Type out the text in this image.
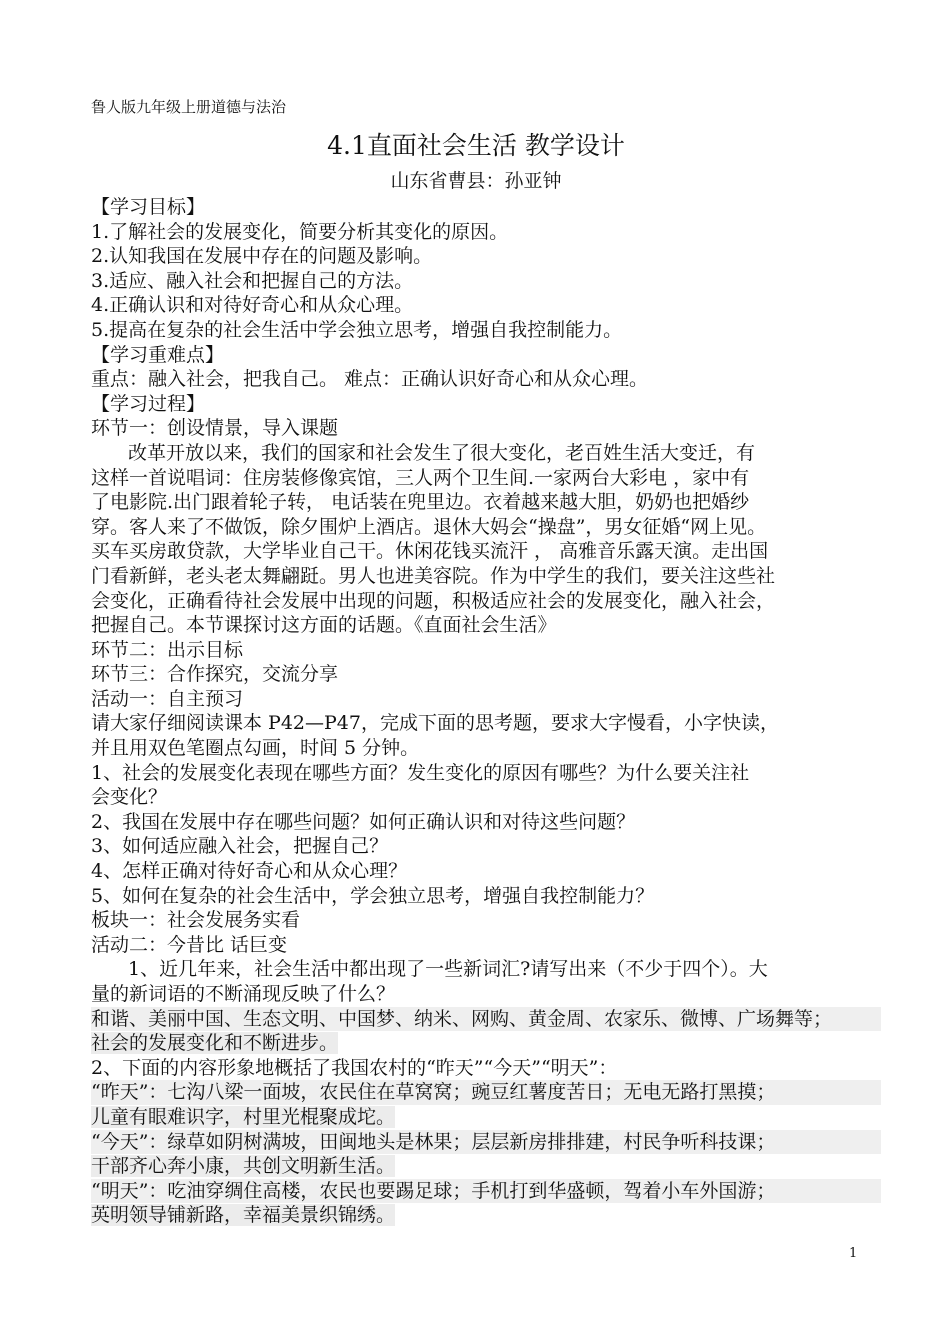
鲁人版九年级上册道德与法治
4.1直面社会生活 教学设计
山东省曹县：孙亚钟
【学习目标】
1.了解社会的发展变化，简要分析其变化的原因。
2.认知我国在发展中存在的问题及影响。
3.适应、融入社会和把握自己的方法。
4.正确认识和对待好奇心和从众心理。
5.提高在复杂的社会生活中学会独立思考，增强自我控制能力。
【学习重难点】
重点：融入社会，把我自己。 难点：正确认识好奇心和从众心理。
【学习过程】
环节一：创设情景，导入课题
改革开放以来，我们的国家和社会发生了很大变化，老百姓生活大变迁，有
这样一首说唱词：住房装修像宾馆，三人两个卫生间.一家两台大彩电 ，家中有
了电影院.出门跟着轮子转， 电话装在兜里边。衣着越来越大胆，奶奶也把婚纱
穿。客人来了不做饭，除夕围炉上酒店。退休大妈会“操盘”，男女征婚“网上见。
买车买房敢贷款，大学毕业自己干。休闲花钱买流汗 ， 高雅音乐露天演。走出国
门看新鲜，老头老太舞翩跹。男人也进美容院。作为中学生的我们，要关注这些社
会变化，正确看待社会发展中出现的问题，积极适应社会的发展变化，融入社会，
把握自己。本节课探讨这方面的话题。《直面社会生活》
环节二：出示目标
环节三：合作探究，交流分享
活动一：自主预习
请大家仔细阅读课本 P42—P47，完成下面的思考题，要求大字慢看，小字快读，
并且用双色笔圈点勾画，时间 5 分钟。
1、社会的发展变化表现在哪些方面？发生变化的原因有哪些？为什么要关注社
会变化？
2、我国在发展中存在哪些问题？如何正确认识和对待这些问题？
3、如何适应融入社会，把握自己？
4、怎样正确对待好奇心和从众心理？
5、如何在复杂的社会生活中，学会独立思考，增强自我控制能力？
板块一：社会发展务实看
活动二：今昔比 话巨变
1、近几年来，社会生活中都出现了一些新词汇?请写出来（不少于四个）。大
量的新词语的不断涌现反映了什么？
和谐、美丽中国、生态文明、中国梦、纳米、网购、黄金周、农家乐、微博、广场舞等；
社会的发展变化和不断进步。
2、下面的内容形象地概括了我国农村的“昨天”“今天”“明天”：
“昨天”：七沟八梁一面坡，农民住在草窝窝；豌豆红薯度苦日；无电无路打黑摸；
儿童有眼难识字，村里光棍聚成坨。
“今天”：绿草如阴树满坡，田闽地头是林果；层层新房排排建，村民争听科技课；
干部齐心奔小康，共创文明新生活。
“明天”：吃油穿绸住高楼，农民也要踢足球；手机打到华盛顿，驾着小车外国游；
英明领导铺新路，幸福美景织锦绣。
1
